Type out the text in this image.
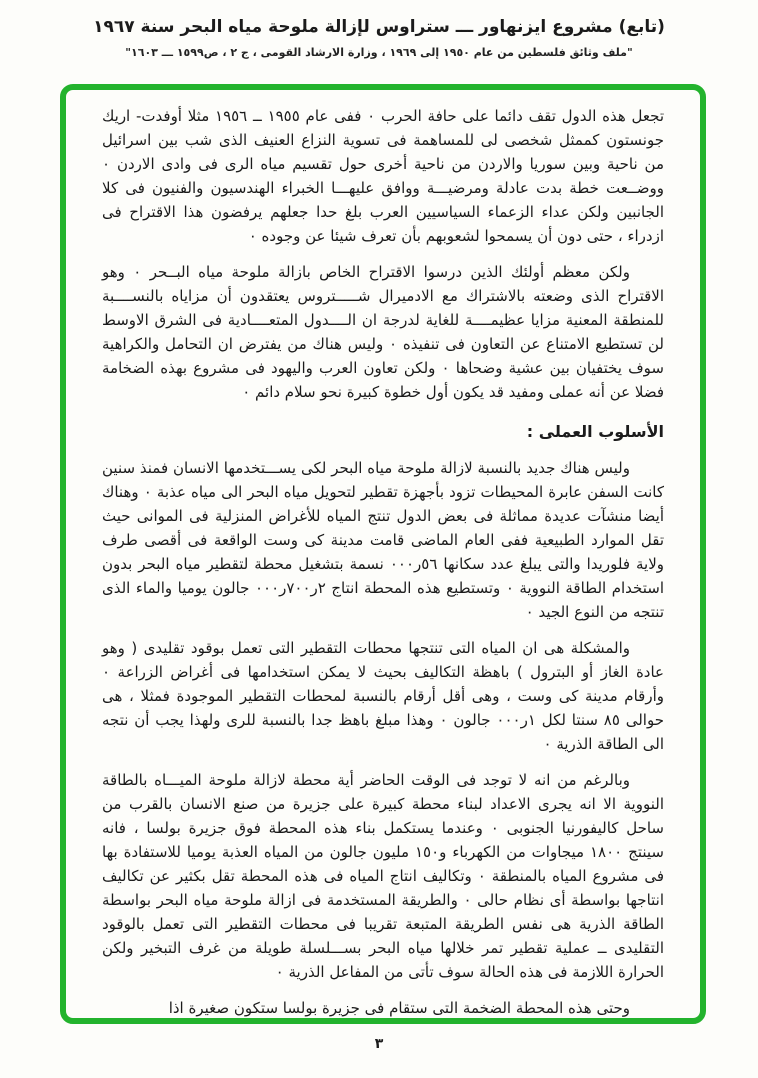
(تابع) مشروع ايزنهاور ـــ ستراوس لإزالة ملوحة مياه البحر سنة ١٩٦٧
"ملف وثائق فلسطين من عام ١٩٥٠ إلى ١٩٦٩ ، وزارة الارشاد القومى ، ج ٢ ، ص١٥٩٩ ـــ ١٦٠٣"

تجعل هذه الدول تقف دائما على حافة الحرب ٠ ففى عام ١٩٥٥ ــ ١٩٥٦ مثلا أوفدت- اريك جونستون كممثل شخصى لى للمساهمة فى تسوية النزاع العنيف الذى شب بين اسرائيل من ناحية وبين سوريا والاردن من ناحية أخرى حول تقسيم مياه الرى فى وادى الاردن ٠ ووضــعت خطة بدت عادلة ومرضيـــة ووافق عليهـــا الخبراء الهندسيون والفنيون فى كلا الجانبين ولكن عداء الزعماء السياسيين العرب بلغ حدا جعلهم يرفضون هذا الاقتراح فى ازدراء ، حتى دون أن يسمحوا لشعوبهم بأن تعرف شيئا عن وجوده ٠

ولكن معظم أولئك الذين درسوا الاقتراح الخاص بازالة ملوحة مياه البــحر ٠ وهو الاقتراح الذى وضعته بالاشتراك مع الادميرال شـــــتروس يعتقدون أن مزاياه بالنســــبة للمنطقة المعنية مزايا عظيمــــة للغاية لدرجة ان الــــدول المتعــــادية فى الشرق الاوسط لن تستطيع الامتناع عن التعاون فى تنفيذه ٠ وليس هناك من يفترض ان التحامل والكراهية سوف يختفيان بين عشية وضحاها ٠ ولكن تعاون العرب واليهود فى مشروع بهذه الضخامة فضلا عن أنه عملى ومفيد قد يكون أول خطوة كبيرة نحو سلام دائم ٠

الأسلوب العملى :

وليس هناك جديد بالنسبة لازالة ملوحة مياه البحر لكى يســـتخدمها الانسان فمنذ سنين كانت السفن عابرة المحيطات تزود بأجهزة تقطير لتحويل مياه البحر الى مياه عذبة ٠ وهناك أيضا منشآت عديدة مماثلة فى بعض الدول تنتج المياه للأغراض المنزلية فى الموانى حيث تقل الموارد الطبيعية ففى العام الماضى قامت مدينة كى وست الواقعة فى أقصى طرف ولاية فلوريدا والتى يبلغ عدد سكانها ٥٦ر٠٠٠ نسمة بتشغيل محطة لتقطير مياه البحر بدون استخدام الطاقة النووية ٠ وتستطيع هذه المحطة انتاج ٢ر٧٠٠ر٠٠٠ جالون يوميا والماء الذى تنتجه من النوع الجيد ٠

والمشكلة هى ان المياه التى تنتجها محطات التقطير التى تعمل بوقود تقليدى ( وهو عادة الغاز أو البترول ) باهظة التكاليف بحيث لا يمكن استخدامها فى أغراض الزراعة ٠ وأرقام مدينة كى وست ، وهى أقل أرقام بالنسبة لمحطات التقطير الموجودة فمثلا ، هى حوالى ٨٥ سنتا لكل ١ر٠٠٠ جالون ٠ وهذا مبلغ باهظ جدا بالنسبة للرى ولهذا يجب أن نتجه الى الطاقة الذرية ٠

وبالرغم من انه لا توجد فى الوقت الحاضر أية محطة لازالة ملوحة الميـــاه بالطاقة النووية الا انه يجرى الاعداد لبناء محطة كبيرة على جزيرة من صنع الانسان بالقرب من ساحل كاليفورنيا الجنوبى ٠ وعندما يستكمل بناء هذه المحطة فوق جزيرة بولسا ، فانه سينتج ١٨٠٠ ميجاوات من الكهرباء و١٥٠ مليون جالون من المياه العذبة يوميا للاستفادة بها فى مشروع المياه بالمنطقة ٠ وتكاليف انتاج المياه فى هذه المحطة تقل بكثير عن تكاليف انتاجها بواسطة أى نظام حالى ٠ والطريقة المستخدمة فى ازالة ملوحة مياه البحر بواسطة الطاقة الذرية هى نفس الطريقة المتبعة تقريبا فى محطات التقطير التى تعمل بالوقود التقليدى ــ عملية تقطير تمر خلالها مياه البحر بســـلسلة طويلة من غرف التبخير ولكن الحرارة اللازمة فى هذه الحالة سوف تأتى من المفاعل الذرية ٠

وحتى هذه المحطة الضخمة التى ستقام فى جزيرة بولسا ستكون صغيرة اذا

٣
